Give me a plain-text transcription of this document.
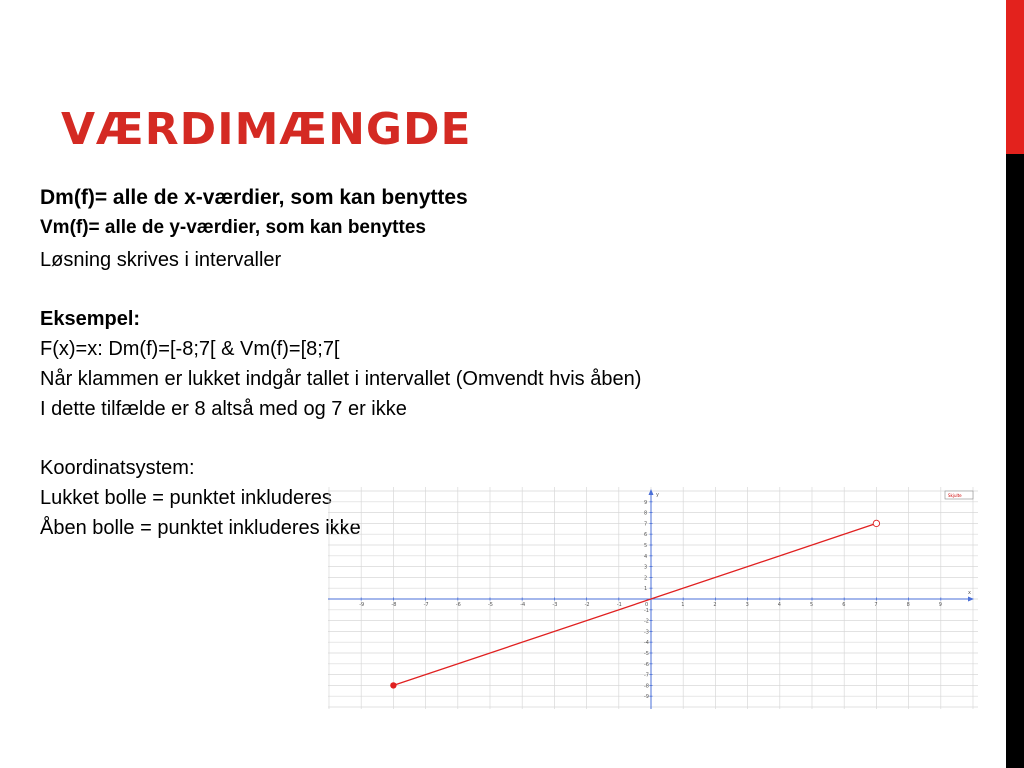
VÆRDIMÆNGDE

Dm(f)= alle de x-værdier, som kan benyttes

Vm(f)= alle de y-værdier, som kan benyttes

Løsning skrives i intervaller

Eksempel:

F(x)=x: Dm(f)=[-8;7[ & Vm(f)=[8;7[

Når klammen er lukket indgår tallet i intervallet (Omvendt hvis åben)

I dette tilfælde er 8 altså med og 7 er ikke

Koordinatsystem:

Lukket bolle = punktet inkluderes

Åben bolle = punktet inkluderes ikke

x
y
-9	-8	-7	-6	-5	-4	-3	-2	-1	1	2	3	4	5	6	7	8	9
9
8
7
6
5
4
3
2
1
-1
-2
-3
-4
-5
-6
-7
-8
-9
0
Skjulte
